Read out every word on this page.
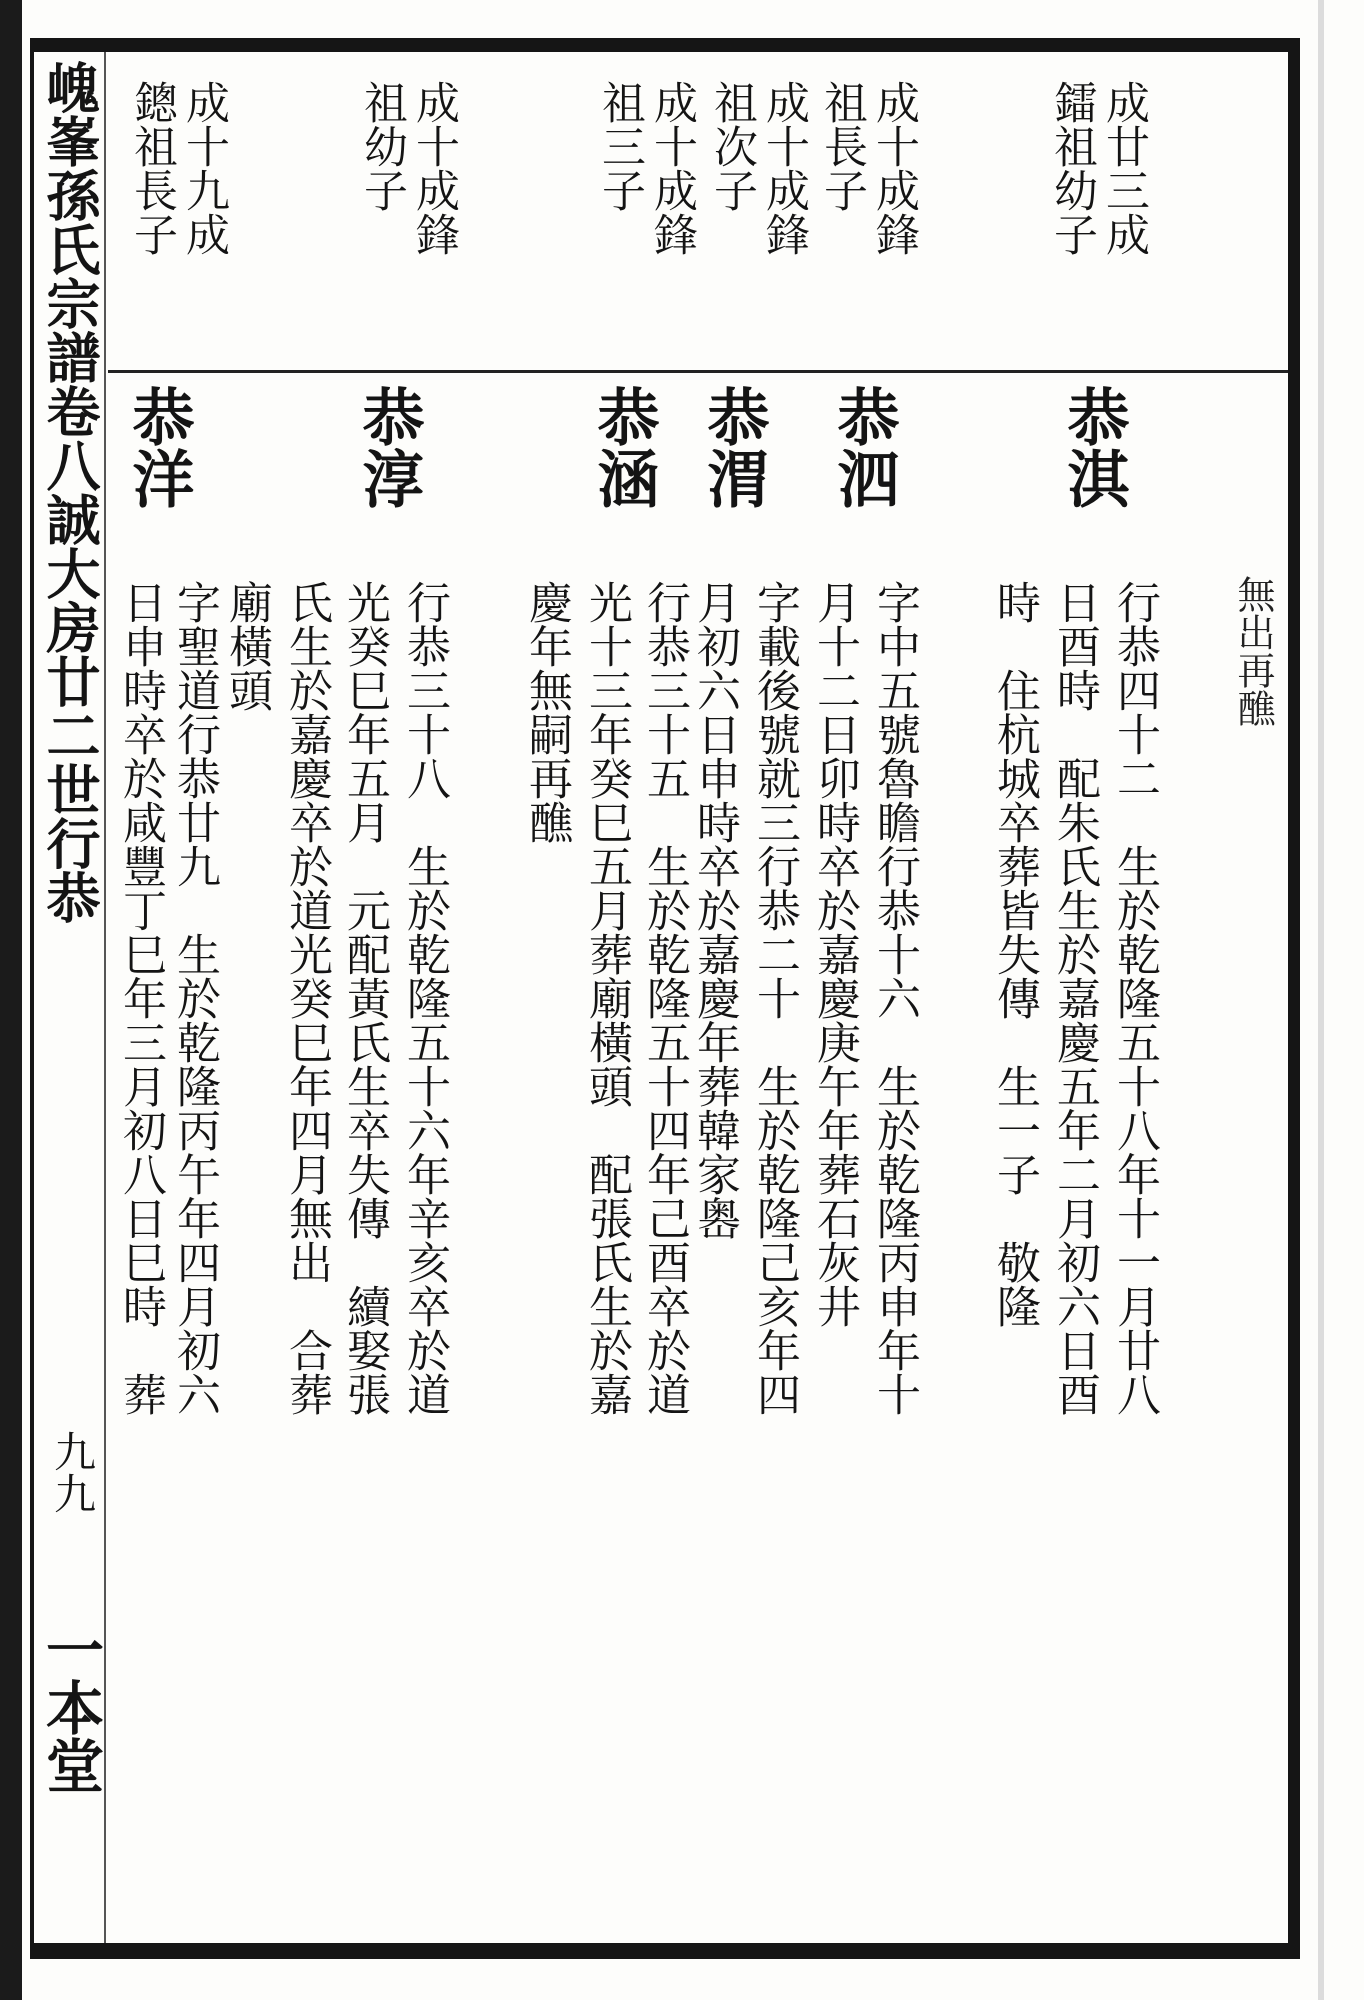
㟴峯孫氏宗譜卷八誠大房廿二世行恭
九九
一本堂
成廿三成
鐳祖幼子
成十成鋒
祖長子
成十成鋒
祖次子
成十成鋒
祖三子
成十成鋒
祖幼子
成十九成
鏓祖長子
無出再醮
恭淇
行恭四十二　生於乾隆五十八年十一月廿八
日酉時　配朱氏生於嘉慶五年二月初六日酉
時　住杭城卒葬皆失傳　生一子　敬隆
恭泗
字中五號魯瞻行恭十六　生於乾隆丙申年十
月十二日卯時卒於嘉慶庚午年葬石灰井
恭渭
字載後號就三行恭二十　生於乾隆己亥年四
月初六日申時卒於嘉慶年葬韓家嶴
恭涵
行恭三十五　生於乾隆五十四年己酉卒於道
光十三年癸巳五月葬廟橫頭　配張氏生於嘉
慶年無嗣再醮
恭淳
行恭三十八　生於乾隆五十六年辛亥卒於道
光癸巳年五月　元配黃氏生卒失傳　續娶張
氏生於嘉慶卒於道光癸巳年四月無出　合葬
恭洋
字聖道行恭廿九　生於乾隆丙午年四月初六
日申時卒於咸豐丁巳年三月初八日巳時　葬 廟橫頭
